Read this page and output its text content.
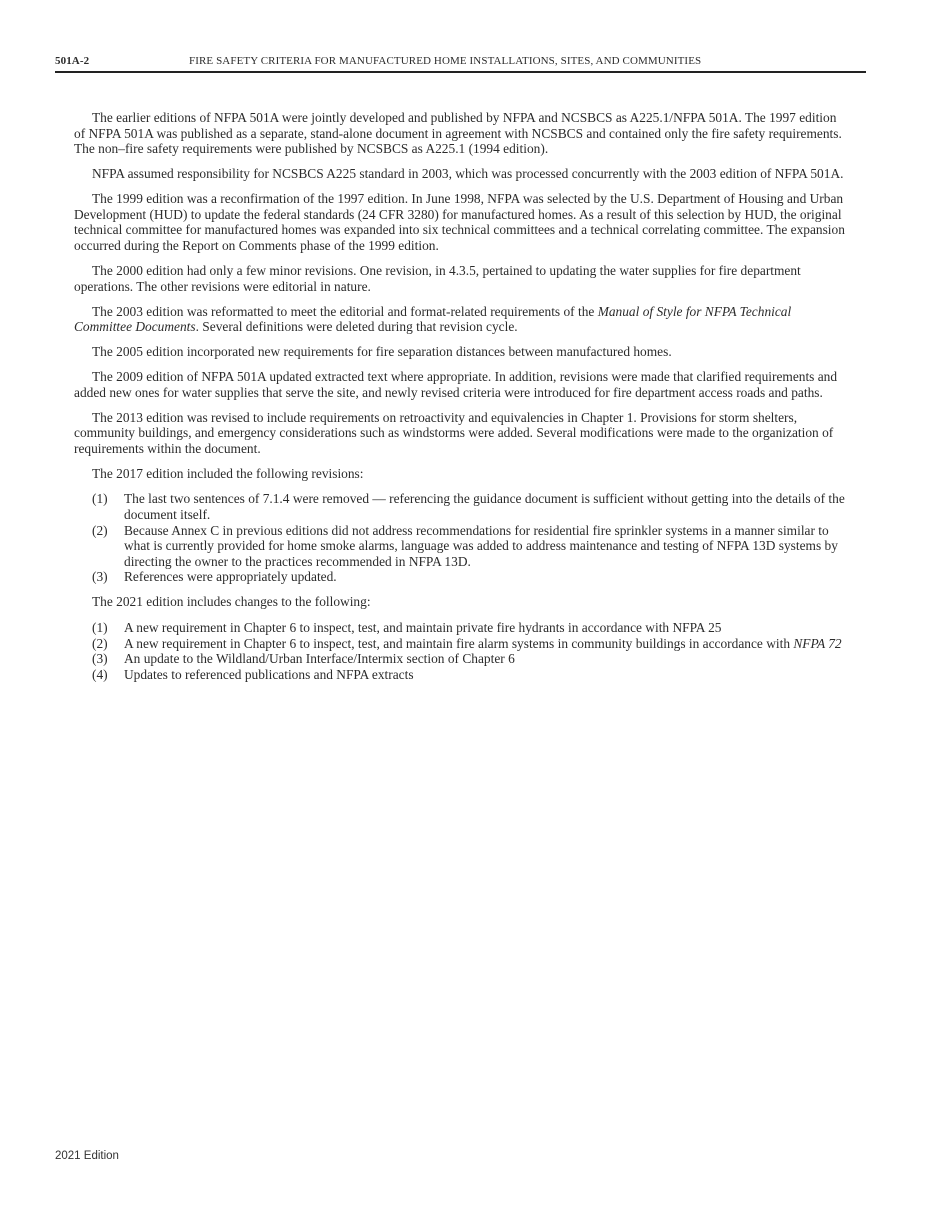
501A-2	FIRE SAFETY CRITERIA FOR MANUFACTURED HOME INSTALLATIONS, SITES, AND COMMUNITIES

The earlier editions of NFPA 501A were jointly developed and published by NFPA and NCSBCS as A225.1/NFPA 501A. The 1997 edition of NFPA 501A was published as a separate, stand-alone document in agreement with NCSBCS and contained only the fire safety requirements. The non–fire safety requirements were published by NCSBCS as A225.1 (1994 edition).

NFPA assumed responsibility for NCSBCS A225 standard in 2003, which was processed concurrently with the 2003 edition of NFPA 501A.

The 1999 edition was a reconfirmation of the 1997 edition. In June 1998, NFPA was selected by the U.S. Department of Housing and Urban Development (HUD) to update the federal standards (24 CFR 3280) for manufactured homes. As a result of this selection by HUD, the original technical committee for manufactured homes was expanded into six technical committees and a technical correlating committee. The expansion occurred during the Report on Comments phase of the 1999 edition.

The 2000 edition had only a few minor revisions. One revision, in 4.3.5, pertained to updating the water supplies for fire department operations. The other revisions were editorial in nature.

The 2003 edition was reformatted to meet the editorial and format-related requirements of the Manual of Style for NFPA Technical Committee Documents. Several definitions were deleted during that revision cycle.

The 2005 edition incorporated new requirements for fire separation distances between manufactured homes.

The 2009 edition of NFPA 501A updated extracted text where appropriate. In addition, revisions were made that clarified requirements and added new ones for water supplies that serve the site, and newly revised criteria were introduced for fire department access roads and paths.

The 2013 edition was revised to include requirements on retroactivity and equivalencies in Chapter 1. Provisions for storm shelters, community buildings, and emergency considerations such as windstorms were added. Several modifications were made to the organization of requirements within the document.

The 2017 edition included the following revisions:

(1) The last two sentences of 7.1.4 were removed — referencing the guidance document is sufficient without getting into the details of the document itself.
(2) Because Annex C in previous editions did not address recommendations for residential fire sprinkler systems in a manner similar to what is currently provided for home smoke alarms, language was added to address maintenance and testing of NFPA 13D systems by directing the owner to the practices recommended in NFPA 13D.
(3) References were appropriately updated.

The 2021 edition includes changes to the following:

(1) A new requirement in Chapter 6 to inspect, test, and maintain private fire hydrants in accordance with NFPA 25
(2) A new requirement in Chapter 6 to inspect, test, and maintain fire alarm systems in community buildings in accordance with NFPA 72
(3) An update to the Wildland/Urban Interface/Intermix section of Chapter 6
(4) Updates to referenced publications and NFPA extracts
2021 Edition
